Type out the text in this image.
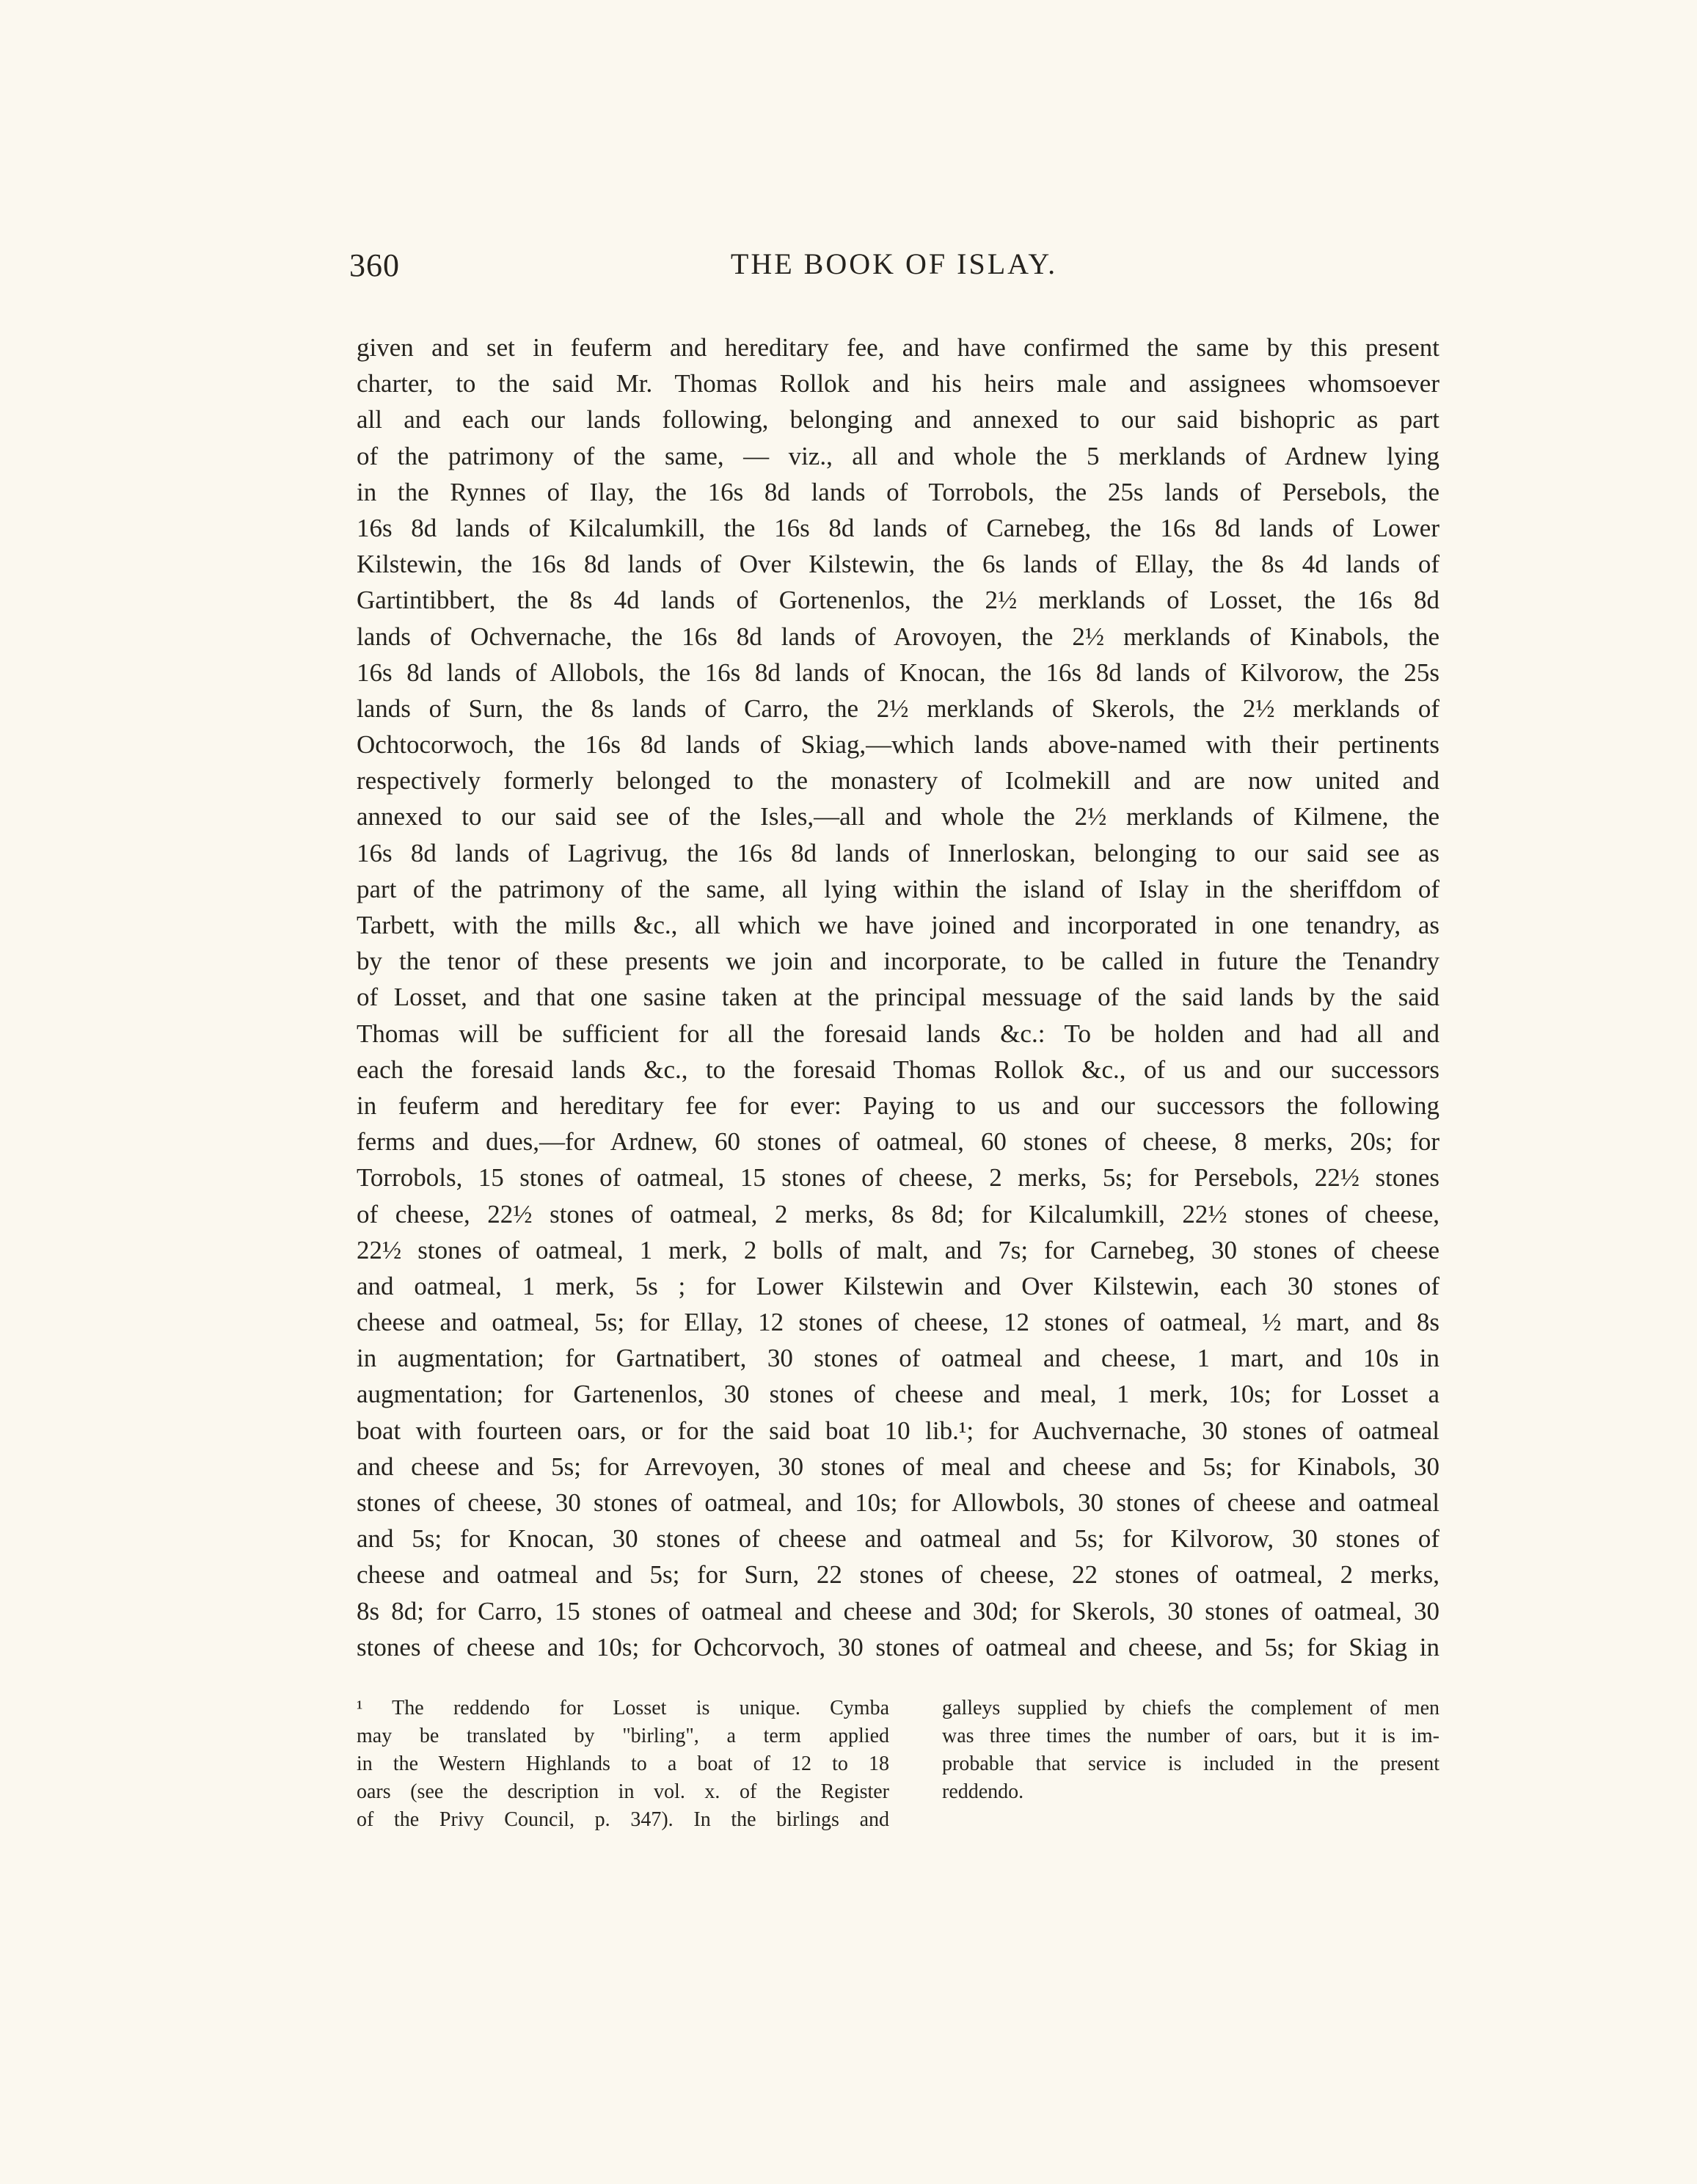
360	THE BOOK OF ISLAY.
given and set in feuferm and hereditary fee, and have confirmed the same by this present
charter, to the said Mr. Thomas Rollok and his heirs male and assignees whomsoever
all and each our lands following, belonging and annexed to our said bishopric as part
of the patrimony of the same, — viz., all and whole the 5 merklands of Ardnew lying
in the Rynnes of Ilay, the 16s 8d lands of Torrobols, the 25s lands of Persebols, the
16s 8d lands of Kilcalumkill, the 16s 8d lands of Carnebeg, the 16s 8d lands of Lower
Kilstewin, the 16s 8d lands of Over Kilstewin, the 6s lands of Ellay, the 8s 4d lands of
Gartintibbert, the 8s 4d lands of Gortenenlos, the 2½ merklands of Losset, the 16s 8d
lands of Ochvernache, the 16s 8d lands of Arovoyen, the 2½ merklands of Kinabols, the
16s 8d lands of Allobols, the 16s 8d lands of Knocan, the 16s 8d lands of Kilvorow, the 25s
lands of Surn, the 8s lands of Carro, the 2½ merklands of Skerols, the 2½ merklands of
Ochtocorwoch, the 16s 8d lands of Skiag,—which lands above-named with their pertinents
respectively formerly belonged to the monastery of Icolmekill and are now united and
annexed to our said see of the Isles,—all and whole the 2½ merklands of Kilmene, the
16s 8d lands of Lagrivug, the 16s 8d lands of Innerloskan, belonging to our said see as
part of the patrimony of the same, all lying within the island of Islay in the sheriffdom of
Tarbett, with the mills &c., all which we have joined and incorporated in one tenandry, as
by the tenor of these presents we join and incorporate, to be called in future the Tenandry
of Losset, and that one sasine taken at the principal messuage of the said lands by the said
Thomas will be sufficient for all the foresaid lands &c.: To be holden and had all and
each the foresaid lands &c., to the foresaid Thomas Rollok &c., of us and our successors
in feuferm and hereditary fee for ever: Paying to us and our successors the following
ferms and dues,—for Ardnew, 60 stones of oatmeal, 60 stones of cheese, 8 merks, 20s; for
Torrobols, 15 stones of oatmeal, 15 stones of cheese, 2 merks, 5s; for Persebols, 22½ stones
of cheese, 22½ stones of oatmeal, 2 merks, 8s 8d; for Kilcalumkill, 22½ stones of cheese,
22½ stones of oatmeal, 1 merk, 2 bolls of malt, and 7s; for Carnebeg, 30 stones of cheese
and oatmeal, 1 merk, 5s ; for Lower Kilstewin and Over Kilstewin, each 30 stones of
cheese and oatmeal, 5s; for Ellay, 12 stones of cheese, 12 stones of oatmeal, ½ mart, and 8s
in augmentation; for Gartnatibert, 30 stones of oatmeal and cheese, 1 mart, and 10s in
augmentation; for Gartenenlos, 30 stones of cheese and meal, 1 merk, 10s; for Losset a
boat with fourteen oars, or for the said boat 10 lib.¹; for Auchvernache, 30 stones of oatmeal
and cheese and 5s; for Arrevoyen, 30 stones of meal and cheese and 5s; for Kinabols, 30
stones of cheese, 30 stones of oatmeal, and 10s; for Allowbols, 30 stones of cheese and oatmeal
and 5s; for Knocan, 30 stones of cheese and oatmeal and 5s; for Kilvorow, 30 stones of
cheese and oatmeal and 5s; for Surn, 22 stones of cheese, 22 stones of oatmeal, 2 merks,
8s 8d; for Carro, 15 stones of oatmeal and cheese and 30d; for Skerols, 30 stones of oatmeal, 30
stones of cheese and 10s; for Ochcorvoch, 30 stones of oatmeal and cheese, and 5s; for Skiag in
¹ The reddendo for Losset is unique. Cymba
may be translated by "birling", a term applied
in the Western Highlands to a boat of 12 to 18
oars (see the description in vol. x. of the Register
of the Privy Council, p. 347). In the birlings and
galleys supplied by chiefs the complement of men
was three times the number of oars, but it is im-
probable that service is included in the present
reddendo.
